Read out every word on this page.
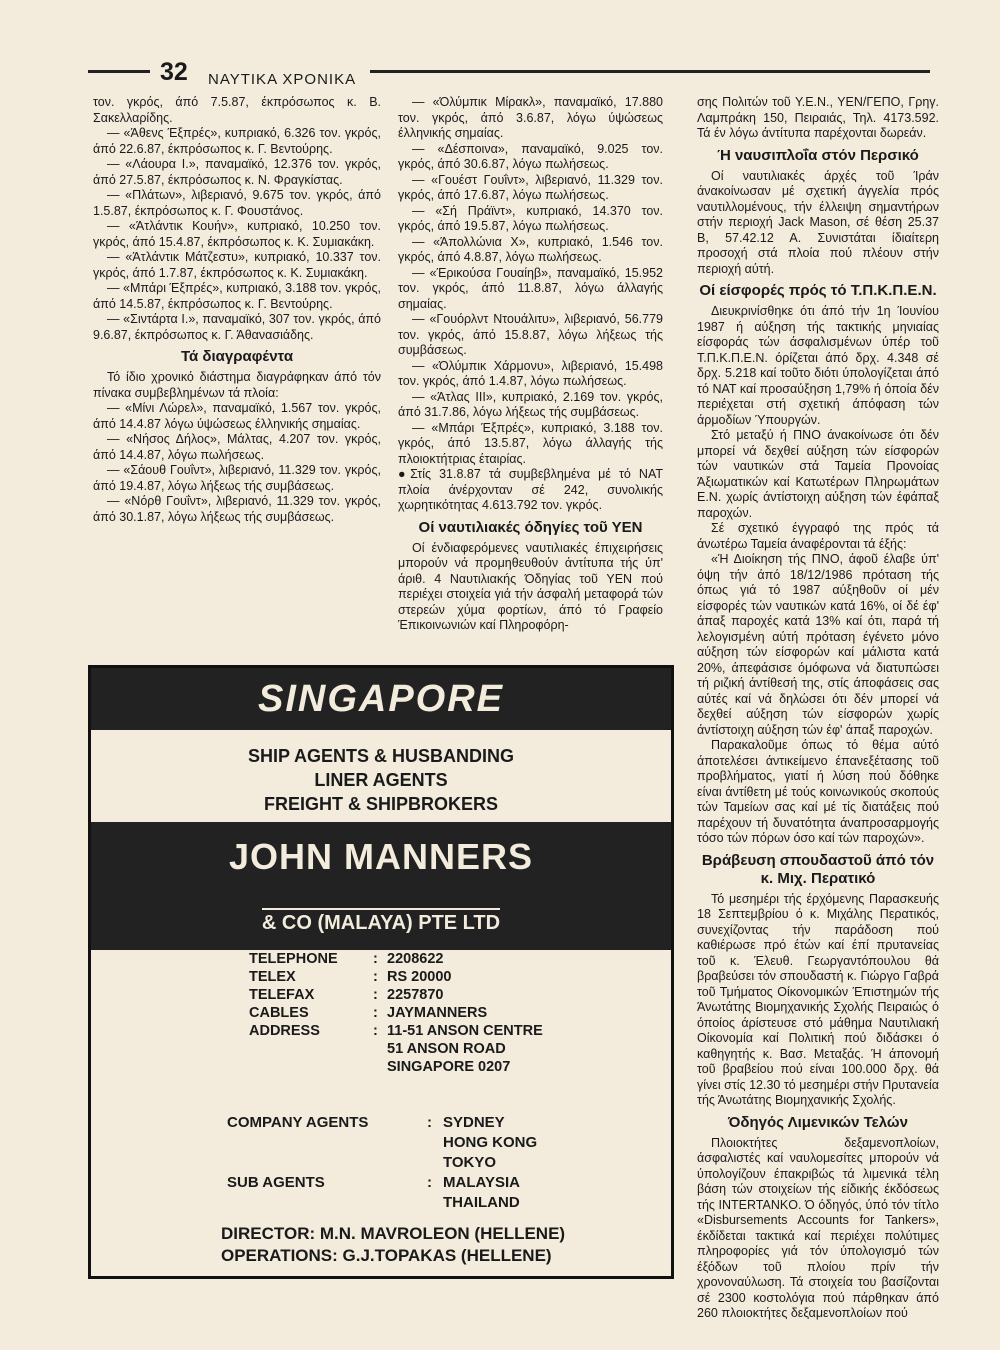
32 ΝΑΥΤΙΚΑ ΧΡΟΝΙΚΑ

τον. γκρός, άπό 7.5.87, έκπρόσωπος κ. Β. Σακελλαρίδης.

— «Άθενς Έξπρές», κυπριακό, 6.326 τον. γκρός, άπό 22.6.87, έκπρόσωπος κ. Γ. Βεντούρης.

— «Λάουρα Ι.», παναμαϊκό, 12.376 τον. γκρός, άπό 27.5.87, έκπρόσωπος κ. Ν. Φραγκίστας.

— «Πλάτων», λιβεριανό, 9.675 τον. γκρός, άπό 1.5.87, έκπρόσωπος κ. Γ. Φουστάνος.

— «Άτλάντικ Κουήν», κυπριακό, 10.250 τον. γκρός, άπό 15.4.87, έκπρόσωπος κ. Κ. Συμιακάκη.

— «Άτλάντικ Μάτζεστυ», κυπριακό, 10.337 τον. γκρός, άπό 1.7.87, έκπρόσωπος κ. Κ. Συμιακάκη.

— «Μπάρι Έξπρές», κυπριακό, 3.188 τον. γκρός, άπό 14.5.87, έκπρόσωπος κ. Γ. Βεντούρης.

— «Σιντάρτα Ι.», παναμαϊκό, 307 τον. γκρός, άπό 9.6.87, έκπρόσωπος κ. Γ. Άθανασιάδης.

Τά διαγραφέντα

Τό ίδιο χρονικό διάστημα διαγράφηκαν άπό τόν πίνακα συμβεβλημένων τά πλοία:

— «Μίνι Λώρελ», παναμαϊκό, 1.567 τον. γκρός, άπό 14.4.87 λόγω ύψώσεως έλληνικής σημαίας.

— «Νήσος Δήλος», Μάλτας, 4.207 τον. γκρός, άπό 14.4.87, λόγω πωλήσεως.

— «Σάουθ Γουΐντ», λιβεριανό, 11.329 τον. γκρός, άπό 19.4.87, λόγω λήξεως τής συμβάσεως.

— «Νόρθ Γουΐντ», λιβεριανό, 11.329 τον. γκρός, άπό 30.1.87, λόγω λήξεως τής συμβάσεως.

— «Όλύμπικ Μίρακλ», παναμαϊκό, 17.880 τον. γκρός, άπό 3.6.87, λόγω ύψώσεως έλληνικής σημαίας.

— «Δέσποινα», παναμαϊκό, 9.025 τον. γκρός, άπό 30.6.87, λόγω πωλήσεως.

— «Γουέστ Γουΐντ», λιβεριανό, 11.329 τον. γκρός, άπό 17.6.87, λόγω πωλήσεως.

— «Σή Πράϊντ», κυπριακό, 14.370 τον. γκρός, άπό 19.5.87, λόγω πωλήσεως.

— «Άπολλώνια Χ», κυπριακό, 1.546 τον. γκρός, άπό 4.8.87, λόγω πωλήσεως.

— «Έρικούσα Γουαίηβ», παναμαϊκό, 15.952 τον. γκρός, άπό 11.8.87, λόγω άλλαγής σημαίας.

— «Γουόρλντ Ντουάλιτυ», λιβεριανό, 56.779 τον. γκρός, άπό 15.8.87, λόγω λήξεως τής συμβάσεως.

— «Όλύμπικ Χάρμονυ», λιβεριανό, 15.498 τον. γκρός, άπό 1.4.87, λόγω πωλήσεως.

— «Άτλας ΙΙΙ», κυπριακό, 2.169 τον. γκρός, άπό 31.7.86, λόγω λήξεως τής συμβάσεως.

— «Μπάρι Έξπρές», κυπριακό, 3.188 τον. γκρός, άπό 13.5.87, λόγω άλλαγής τής πλοιοκτήτριας έταιρίας.

● Στίς 31.8.87 τά συμβεβλημένα μέ τό ΝΑΤ πλοία άνέρχονταν σέ 242, συνολικής χωρητικότητας 4.613.792 τον. γκρός.

Οί ναυτιλιακές όδηγίες τοῦ ΥΕΝ

Οί ένδιαφερόμενες ναυτιλιακές έπιχειρήσεις μπορούν νά προμηθευθούν άντίτυπα τής ύπ' άριθ. 4 Ναυτιλιακής Όδηγίας τοῦ ΥΕΝ πού περιέχει στοιχεία γιά τήν άσφαλή μεταφορά τών στερεών χύμα φορτίων, άπό τό Γραφείο Έπικοινωνιών καί Πληροφόρη-

σης Πολιτών τοῦ Υ.Ε.Ν., ΥΕΝ/ΓΕΠΟ, Γρηγ. Λαμπράκη 150, Πειραιάς, Τηλ. 4173.592. Τά έν λόγω άντίτυπα παρέχονται δωρεάν.

Ή ναυσιπλοΐα στόν Περσικό

Οί ναυτιλιακές άρχές τοῦ Ίράν άνακοίνωσαν μέ σχετική άγγελία πρός ναυτιλλομένους, τήν έλλειψη σημαντήρων στήν περιοχή Jack Mason, σέ θέση 25.37 Β, 57.42.12 Α. Συνιστάται ίδιαίτερη προσοχή στά πλοία πού πλέουν στήν περιοχή αύτή.

Οί είσφορές πρός τό Τ.Π.Κ.Π.Ε.Ν.

Διευκρινίσθηκε ότι άπό τήν 1η Ίουνίου 1987 ή αύξηση τής τακτικής μηνιαίας είσφοράς τών άσφαλισμένων ύπέρ τοῦ Τ.Π.Κ.Π.Ε.Ν. όρίζεται άπό δρχ. 4.348 σέ δρχ. 5.218 καί τοῦτο διότι ύπολογίζεται άπό τό ΝΑΤ καί προσαύξηση 1,79% ή όποία δέν περιέχεται στή σχετική άπόφαση τών άρμοδίων Ύπουργών.

Στό μεταξύ ή ΠΝΟ άνακοίνωσε ότι δέν μπορεί νά δεχθεί αύξηση τών είσφορών τών ναυτικών στά Ταμεία Προνοίας Άξιωματικών καί Κατωτέρων Πληρωμάτων Ε.Ν. χωρίς άντίστοιχη αύξηση τών έφάπαξ παροχών.

Σέ σχετικό έγγραφό της πρός τά άνωτέρω Ταμεία άναφέρονται τά έξής:

«Ή Διοίκηση τής ΠΝΟ, άφοῦ έλαβε ύπ' όψη τήν άπό 18/12/1986 πρόταση τής όπως γιά τό 1987 αύξηθοῦν οί μέν είσφορές τών ναυτικών κατά 16%, οί δέ έφ' άπαξ παροχές κατά 13% καί ότι, παρά τή λελογισμένη αύτή πρόταση έγένετο μόνο αύξηση τών είσφορών καί μάλιστα κατά 20%, άπεφάσισε όμόφωνα νά διατυπώσει τή ριζική άντίθεσή της, στίς άποφάσεις σας αύτές καί νά δηλώσει ότι δέν μπορεί νά δεχθεί αύξηση τών είσφορών χωρίς άντίστοιχη αύξηση τών έφ' άπαξ παροχών.

Παρακαλοῦμε όπως τό θέμα αύτό άποτελέσει άντικείμενο έπανεξέτασης τοῦ προβλήματος, γιατί ή λύση πού δόθηκε είναι άντίθετη μέ τούς κοινωνικούς σκοπούς τών Ταμείων σας καί μέ τίς διατάξεις πού παρέχουν τή δυνατότητα άναπροσαρμογής τόσο τών πόρων όσο καί τών παροχών».

Βράβευση σπουδαστοῦ άπό τόν κ. Μιχ. Περατικό

Τό μεσημέρι τής έρχόμενης Παρασκευής 18 Σεπτεμβρίου ό κ. Μιχάλης Περατικός, συνεχίζοντας τήν παράδοση πού καθιέρωσε πρό έτών καί έπί πρυτανείας τοῦ κ. Έλευθ. Γεωργαντόπουλου θά βραβεύσει τόν σπουδαστή κ. Γιώργο Γαβρά τοῦ Τμήματος Οίκονομικών Έπιστημών τής Άνωτάτης Βιομηχανικής Σχολής Πειραιώς ό όποίος άρίστευσε στό μάθημα Ναυτιλιακή Οίκονομία καί Πολιτική πού διδάσκει ό καθηγητής κ. Βασ. Μεταξάς. Ή άπονομή τοῦ βραβείου πού είναι 100.000 δρχ. θά γίνει στίς 12.30 τό μεσημέρι στήν Πρυτανεία τής Άνωτάτης Βιομηχανικής Σχολής.

Όδηγός Λιμενικών Τελών

Πλοιοκτήτες δεξαμενοπλοίων, άσφαλιστές καί ναυλομεσίτες μπορούν νά ύπολογίζουν έπακριβώς τά λιμενικά τέλη βάση τών στοιχείων τής είδικής έκδόσεως τής INTERTANKO. Ό όδηγός, ύπό τόν τίτλο «Disbursements Accounts for Tankers», έκδίδεται τακτικά καί περιέχει πολύτιμες πληροφορίες γιά τόν ύπολογισμό τών έξόδων τοῦ πλοίου πρίν τήν χρονοναύλωση. Τά στοιχεία του βασίζονται σέ 2300 κοστολόγια πού πάρθηκαν άπό 260 πλοιοκτήτες δεξαμενοπλοίων πού

SINGAPORE
SHIP AGENTS & HUSBANDING
LINER AGENTS
FREIGHT & SHIPBROKERS
JOHN MANNERS
& CO (MALAYA) PTE LTD
TELEPHONE	: 2208622
TELEX	: RS 20000
TELEFAX	: 2257870
CABLES	: JAYMANNERS
ADDRESS	: 11-51 ANSON CENTRE
51 ANSON ROAD
SINGAPORE 0207
COMPANY AGENTS	: SYDNEY
HONG KONG
TOKYO
SUB AGENTS	: MALAYSIA
THAILAND
DIRECTOR: M.N. MAVROLEON (HELLENE)
OPERATIONS: G.J.TOPAKAS (HELLENE)
